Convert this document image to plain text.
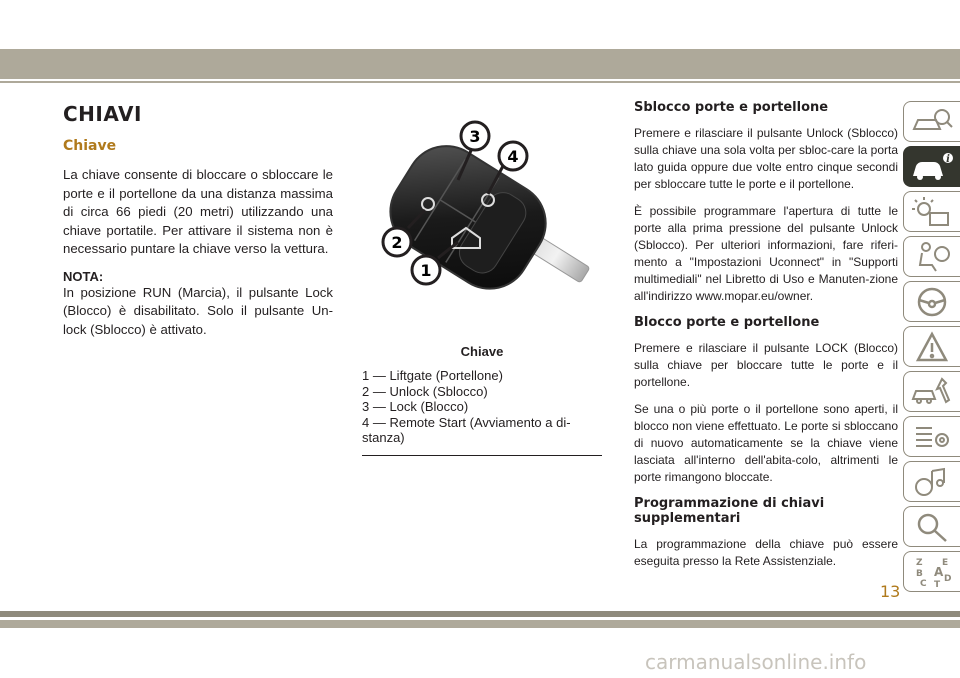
CHIAVI
Chiave

La chiave consente di bloccare o sbloccare le porte e il portellone da una distanza massima di circa 66 piedi (20 metri) utilizzando una chiave portatile. Per attivare il sistema non è necessario puntare la chiave verso la vettura.

NOTA:

In posizione RUN (Marcia), il pulsante Lock (Blocco) è disabilitato. Solo il pulsante Un-lock (Sblocco) è attivato.

3
4
2
1
Chiave
1 — Liftgate (Portellone)
2 — Unlock (Sblocco)
3 — Lock (Blocco)
4 — Remote Start (Avviamento a di-stanza)
Sblocco porte e portellone

Premere e rilasciare il pulsante Unlock (Sblocco) sulla chiave una sola volta per sbloc-care la porta lato guida oppure due volte entro cinque secondi per sbloccare tutte le porte e il portellone.

È possibile programmare l'apertura di tutte le porte alla prima pressione del pulsante Unlock (Sblocco). Per ulteriori informazioni, fare riferi-mento a "Impostazioni Uconnect" in "Supporti multimediali" nel Libretto di Uso e Manuten-zione all'indirizzo www.mopar.eu/owner.

Blocco porte e portellone

Premere e rilasciare il pulsante LOCK (Blocco) sulla chiave per bloccare tutte le porte e il portellone.

Se una o più porte o il portellone sono aperti, il blocco non viene effettuato. Le porte si sbloccano di nuovo automaticamente se la chiave viene lasciata all'interno dell'abita-colo, altrimenti le porte rimangono bloccate.

Programmazione di chiavi supplementari

La programmazione della chiave può essere eseguita presso la Rete Assistenziale.

i
Z E
B A
C D
T
13
carmanualsonline.info
